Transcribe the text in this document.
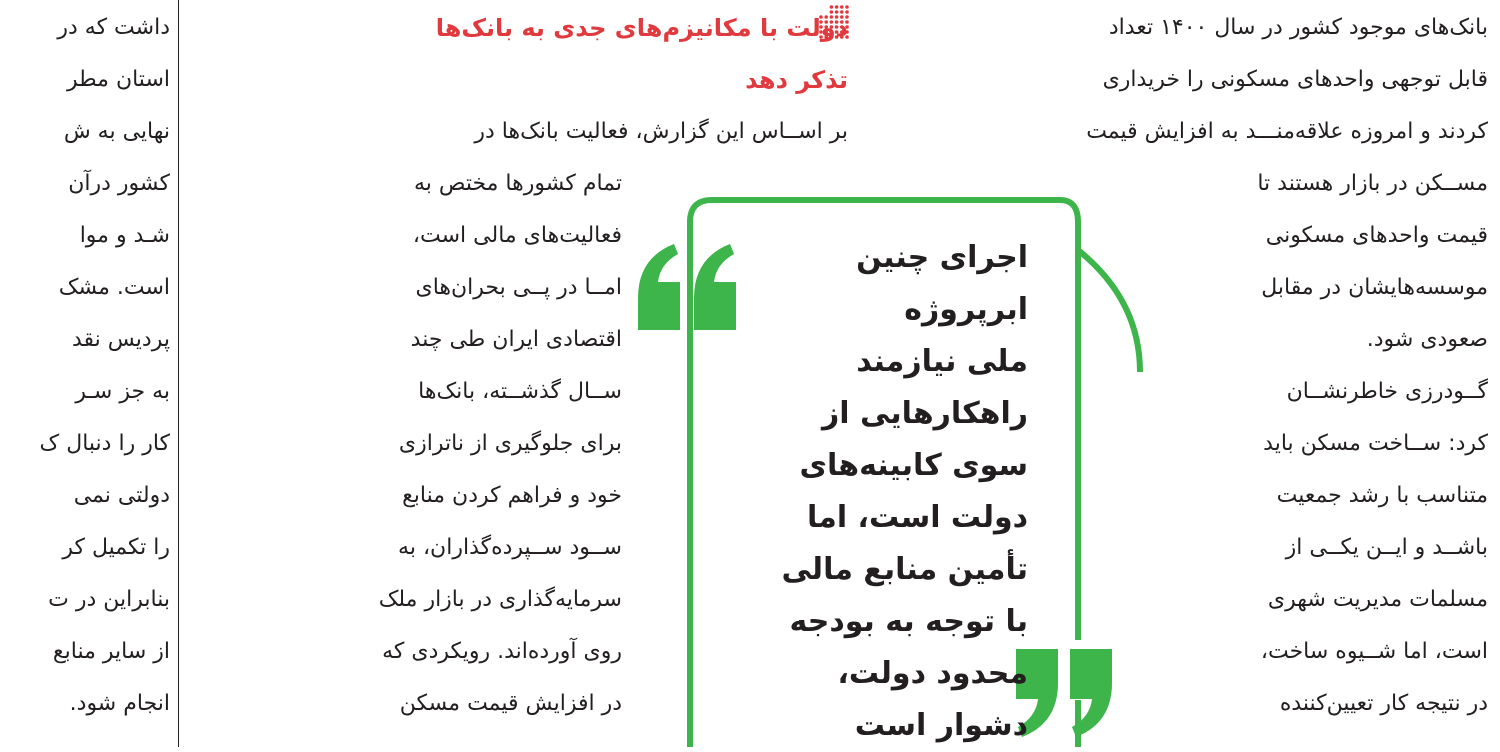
داشت که در
استان مطر
نهایی به ش
کشور درآن
شـد و موا
است. مشک
پردیس نقد
به جز سـر
کار را دنبال ک
دولتی نمی
را تکمیل کر
بنابراین در ت
از سایر منابع
انجام شود.
دولت با مکانیزم‌های جدی به بانک‌ها
تذکر دهد
بر اســاس این گزارش، فعالیت بانک‌ها در
تمام کشورها مختص به
فعالیت‌های مالی است،
امــا در پــی بحران‌های
اقتصادی ایران طی چند
ســال گذشــته، بانک‌ها
برای جلوگیری از ناترازی
خود و فراهم کردن منابع
ســود ســپرده‌گذاران، به
سرمایه‌گذاری در بازار ملک
روی آورده‌اند. رویکردی که
در افزایش قیمت مسکن
بانک‌های موجود کشور در سال ۱۴۰۰ تعداد
قابل توجهی واحدهای مسکونی را خریداری
کردند و امروزه علاقه‌منـــد به افزایش قیمت
مســکن در بازار هستند تا
قیمت واحدهای مسکونی
موسسه‌هایشان در مقابل
صعودی شود.
گــودرزی خاطرنشــان
کرد: ســاخت مسکن باید
متناسب با رشد جمعیت
باشــد و ایــن یکــی از
مسلمات مدیریت شهری
است، اما شــیوه ساخت،
در نتیجه کار تعیین‌کننده
اجرای چنین
ابرپروژه
ملی نیازمند
راهکارهایی از
سوی کابینه‌های
دولت است، اما
تأمین منابع مالی
با توجه به بودجه
محدود دولت،
دشوار است
